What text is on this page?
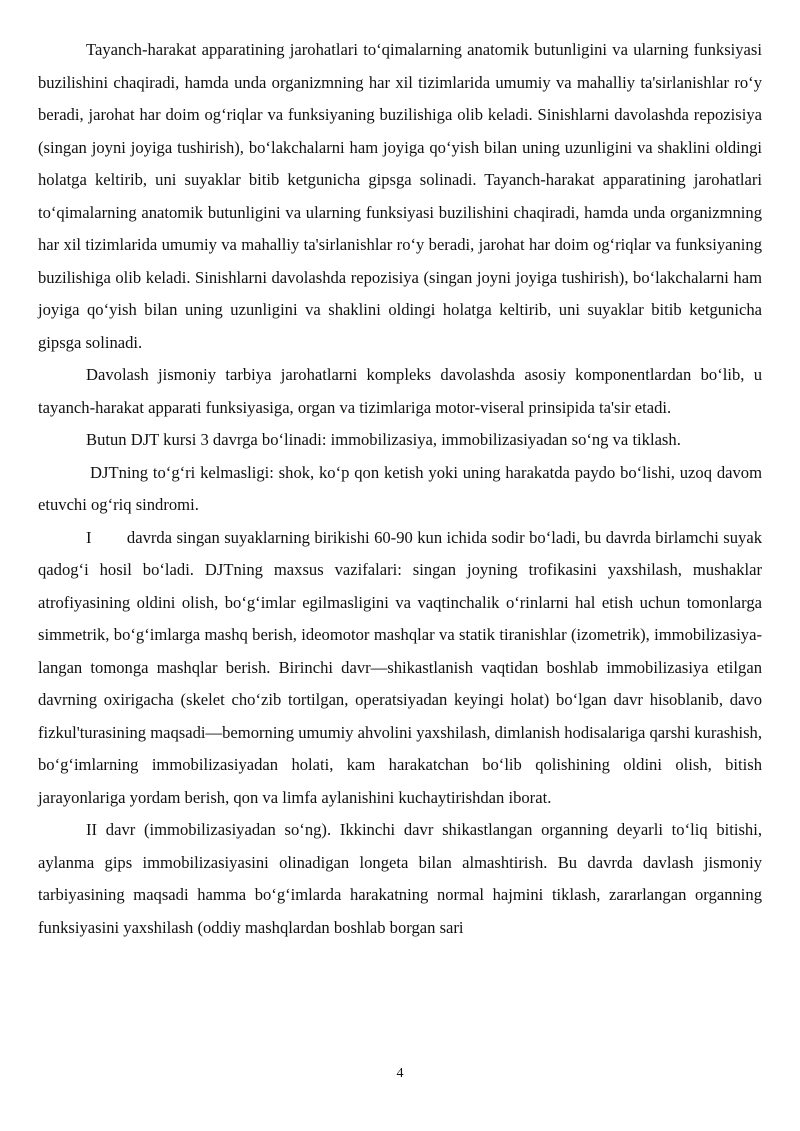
Tayanch-harakat apparatining jarohatlari to‘qimalarning anatomik butunligini va ularning funksiyasi buzilishini chaqiradi, hamda unda organizmning har xil tizimlarida umumiy va mahalliy ta'sirlanishlar ro‘y beradi, jarohat har doim og‘riqlar va funksiyaning buzilishiga olib keladi. Sinishlarni davolashda repozisiya (singan joyni joyiga tushirish), bo‘lakchalarni ham joyiga qo‘yish bilan uning uzunligini va shaklini oldingi holatga keltirib, uni suyaklar bitib ketgunicha gipsga solinadi. Tayanch-harakat apparatining jarohatlari to‘qimalarning anatomik butunligini va ularning funksiyasi buzilishini chaqiradi, hamda unda organizmning har xil tizimlarida umumiy va mahalliy ta'sirlanishlar ro‘y beradi, jarohat har doim og‘riqlar va funksiyaning buzilishiga olib keladi. Sinishlarni davolashda repozisiya (singan joyni joyiga tushirish), bo‘lakchalarni ham joyiga qo‘yish bilan uning uzunligini va shaklini oldingi holatga keltirib, uni suyaklar bitib ketgunicha gipsga solinadi.

Davolash jismoniy tarbiya jarohatlarni kompleks davolashda asosiy komponentlardan bo‘lib, u tayanch-harakat apparati funksiyasiga, organ va tizimlariga motor-viseral prinsipida ta'sir etadi.

Butun DJT kursi 3 davrga bo‘linadi: immobilizasiya, immobilizasiyadan so‘ng va tiklash.

DJTning to‘g‘ri kelmasligi: shok, ko‘p qon ketish yoki uning harakatda paydo bo‘lishi, uzoq davom etuvchi og‘riq sindromi.

I        davrda singan suyaklarning birikishi 60-90 kun ichida sodir bo‘ladi, bu davrda birlamchi suyak qadog‘i hosil bo‘ladi. DJTning maxsus vazifalari: singan joyning trofikasini yaxshilash, mushaklar atrofiyasining oldini olish, bo‘g‘imlar egilmasligini va vaqtinchalik o‘rinlarni hal etish uchun tomonlarga simmetrik, bo‘g‘imlarga mashq berish, ideomotor mashqlar va statik tiranishlar (izometrik), immobilizasiya-langan tomonga mashqlar berish. Birinchi davr—shikastlanish vaqtidan boshlab immobilizasiya etilgan davrning oxirigacha (skelet cho‘zib tortilgan, operatsiyadan keyingi holat) bo‘lgan davr hisoblanib, davo fizkul'turasining maqsadi—bemorning umumiy ahvolini yaxshilash, dimlanish hodisalariga qarshi kurashish, bo‘g‘imlarning immobilizasiyadan holati, kam harakatchan bo‘lib qolishining oldini olish, bitish jarayonlariga yordam berish, qon va limfa aylanishini kuchaytirishdan iborat.

II davr (immobilizasiyadan so‘ng). Ikkinchi davr shikastlangan organning deyarli to‘liq bitishi, aylanma gips immobilizasiyasini olinadigan longeta bilan almashtirish. Bu davrda davlash jismoniy tarbiyasining maqsadi hamma bo‘g‘imlarda harakatning normal hajmini tiklash, zararlangan organning funksiyasini yaxshilash (oddiy mashqlardan boshlab borgan sari

4
